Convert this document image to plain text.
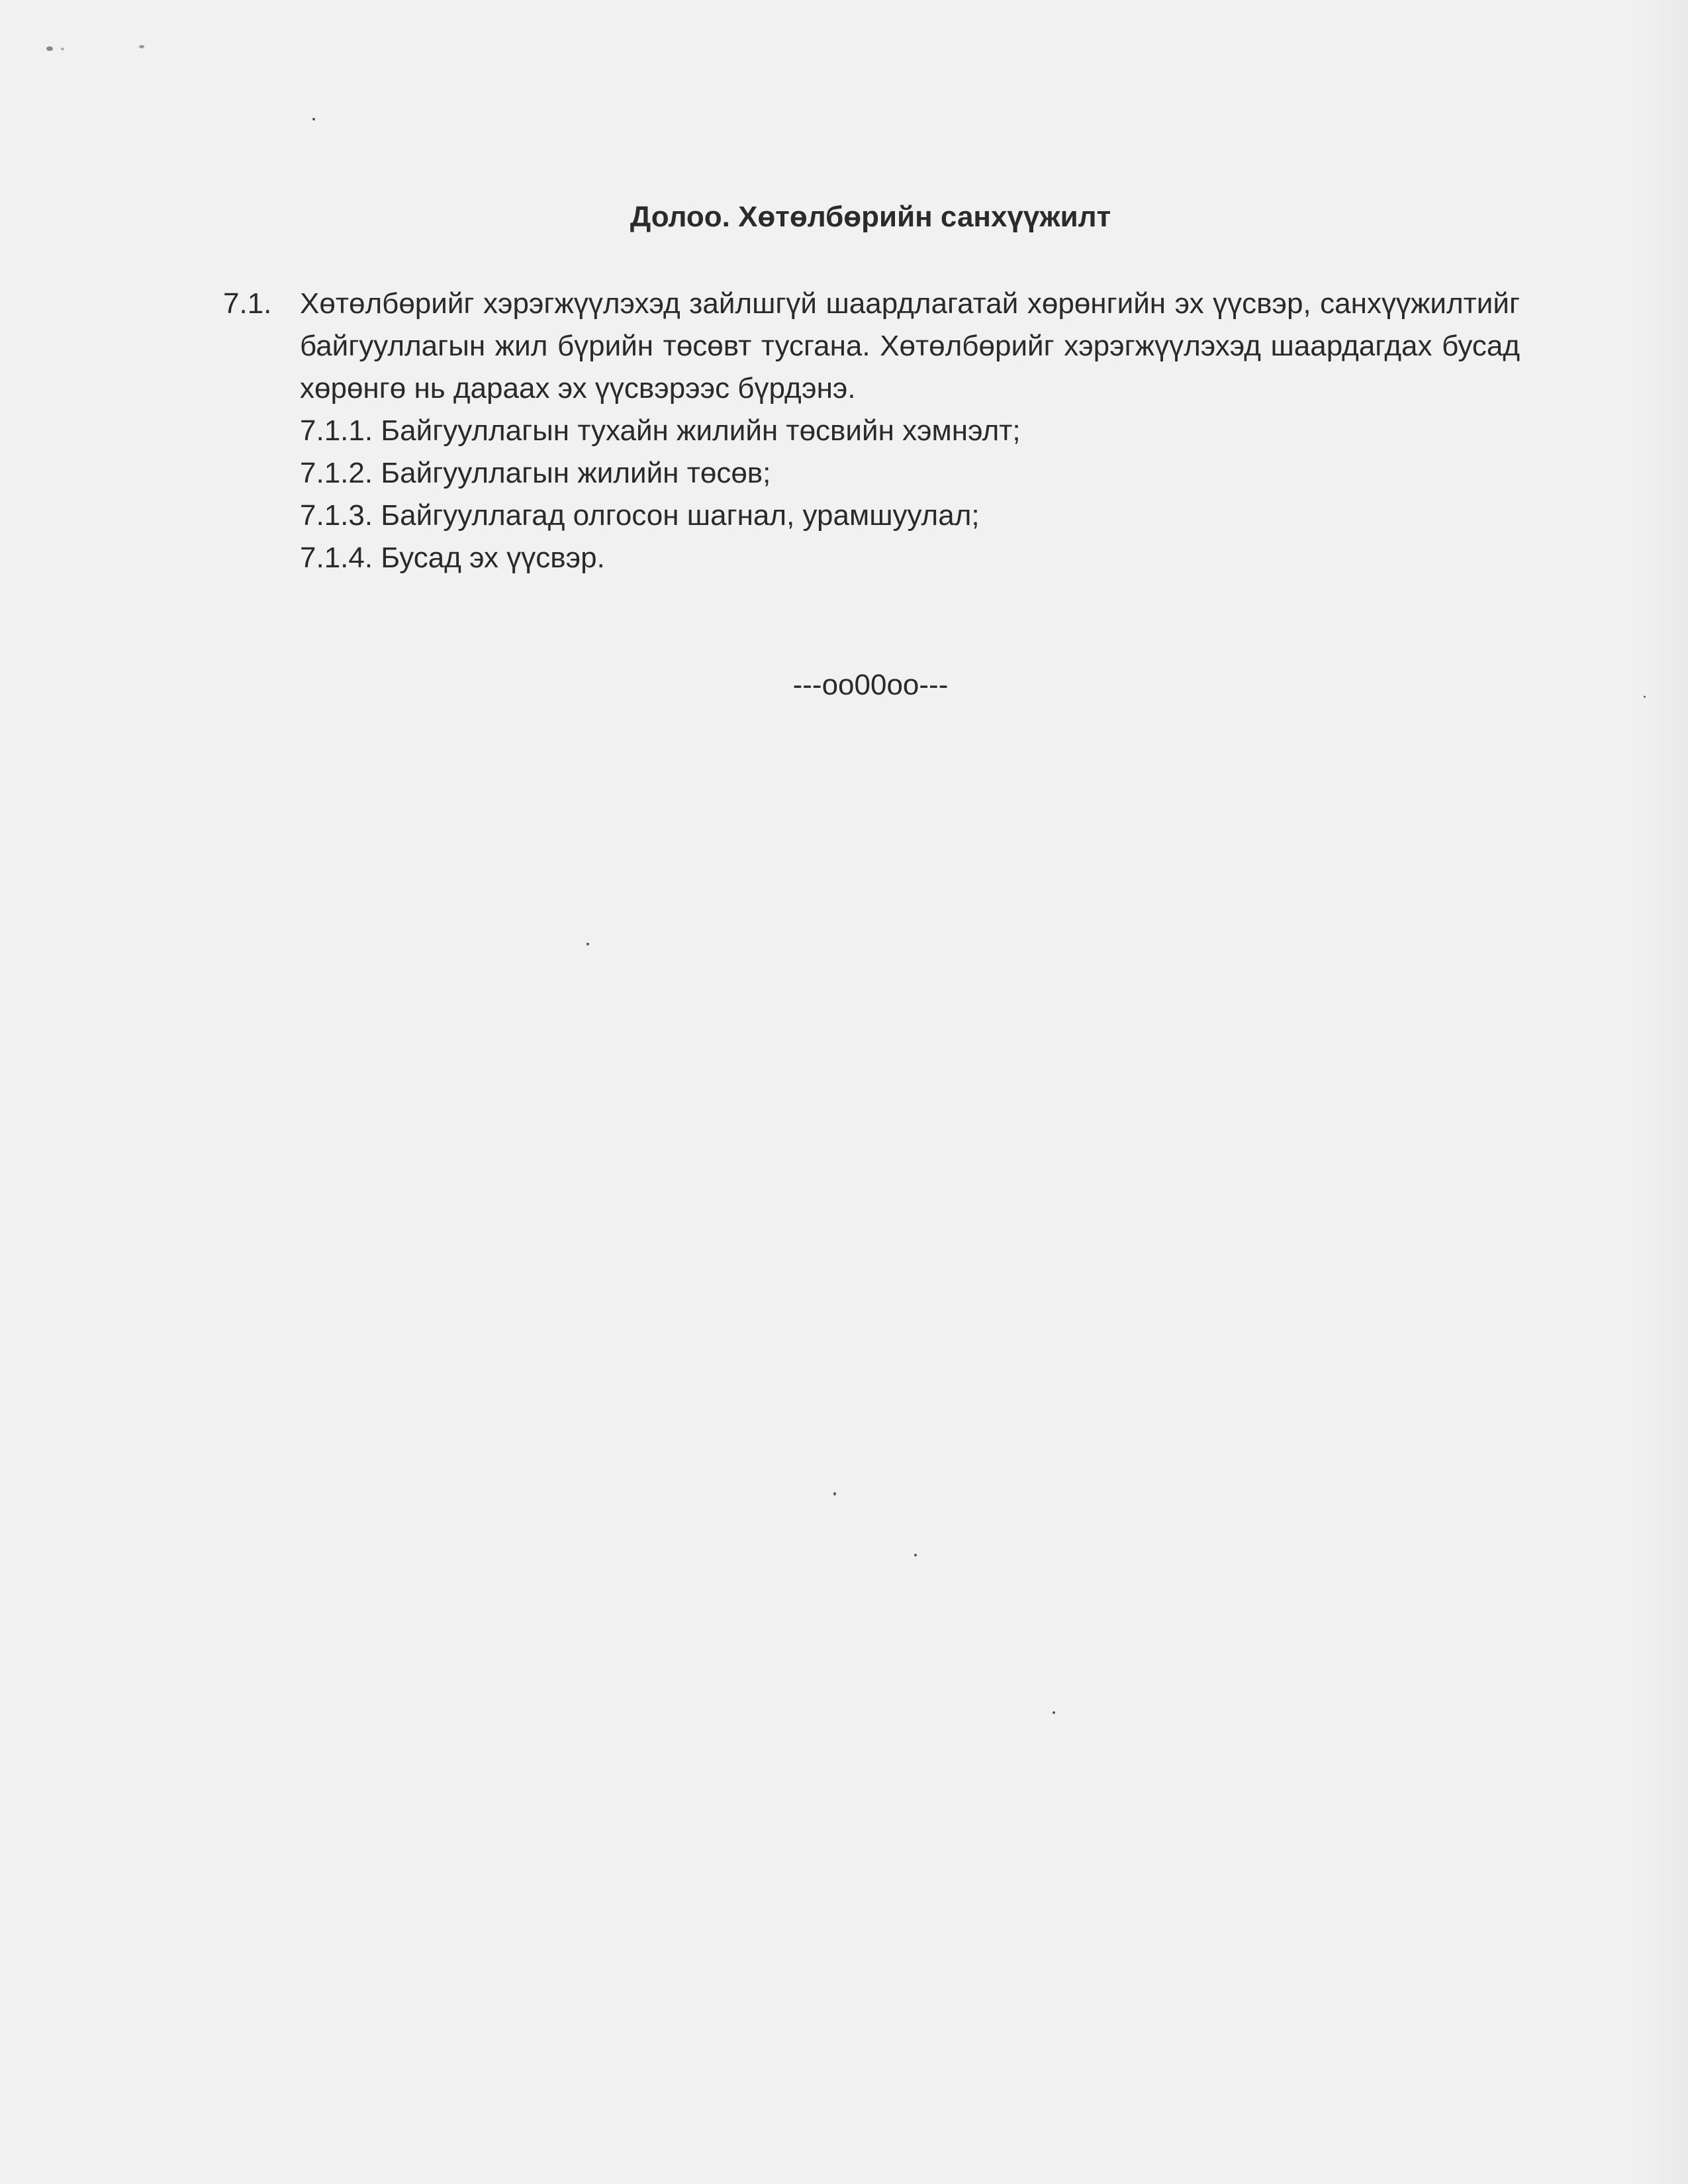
Долоо. Хөтөлбөрийн санхүүжилт
7.1. Хөтөлбөрийг хэрэгжүүлэхэд зайлшгүй шаардлагатай хөрөнгийн эх үүсвэр, санхүүжилтийг байгууллагын жил бүрийн төсөвт тусгана. Хөтөлбөрийг хэрэгжүүлэхэд шаардагдах бусад хөрөнгө нь дараах эх үүсвэрээс бүрдэнэ.
7.1.1. Байгууллагын тухайн жилийн төсвийн хэмнэлт;
7.1.2. Байгууллагын жилийн төсөв;
7.1.3. Байгууллагад олгосон шагнал, урамшуулал;
7.1.4. Бусад эх үүсвэр.
---oo00oo---
